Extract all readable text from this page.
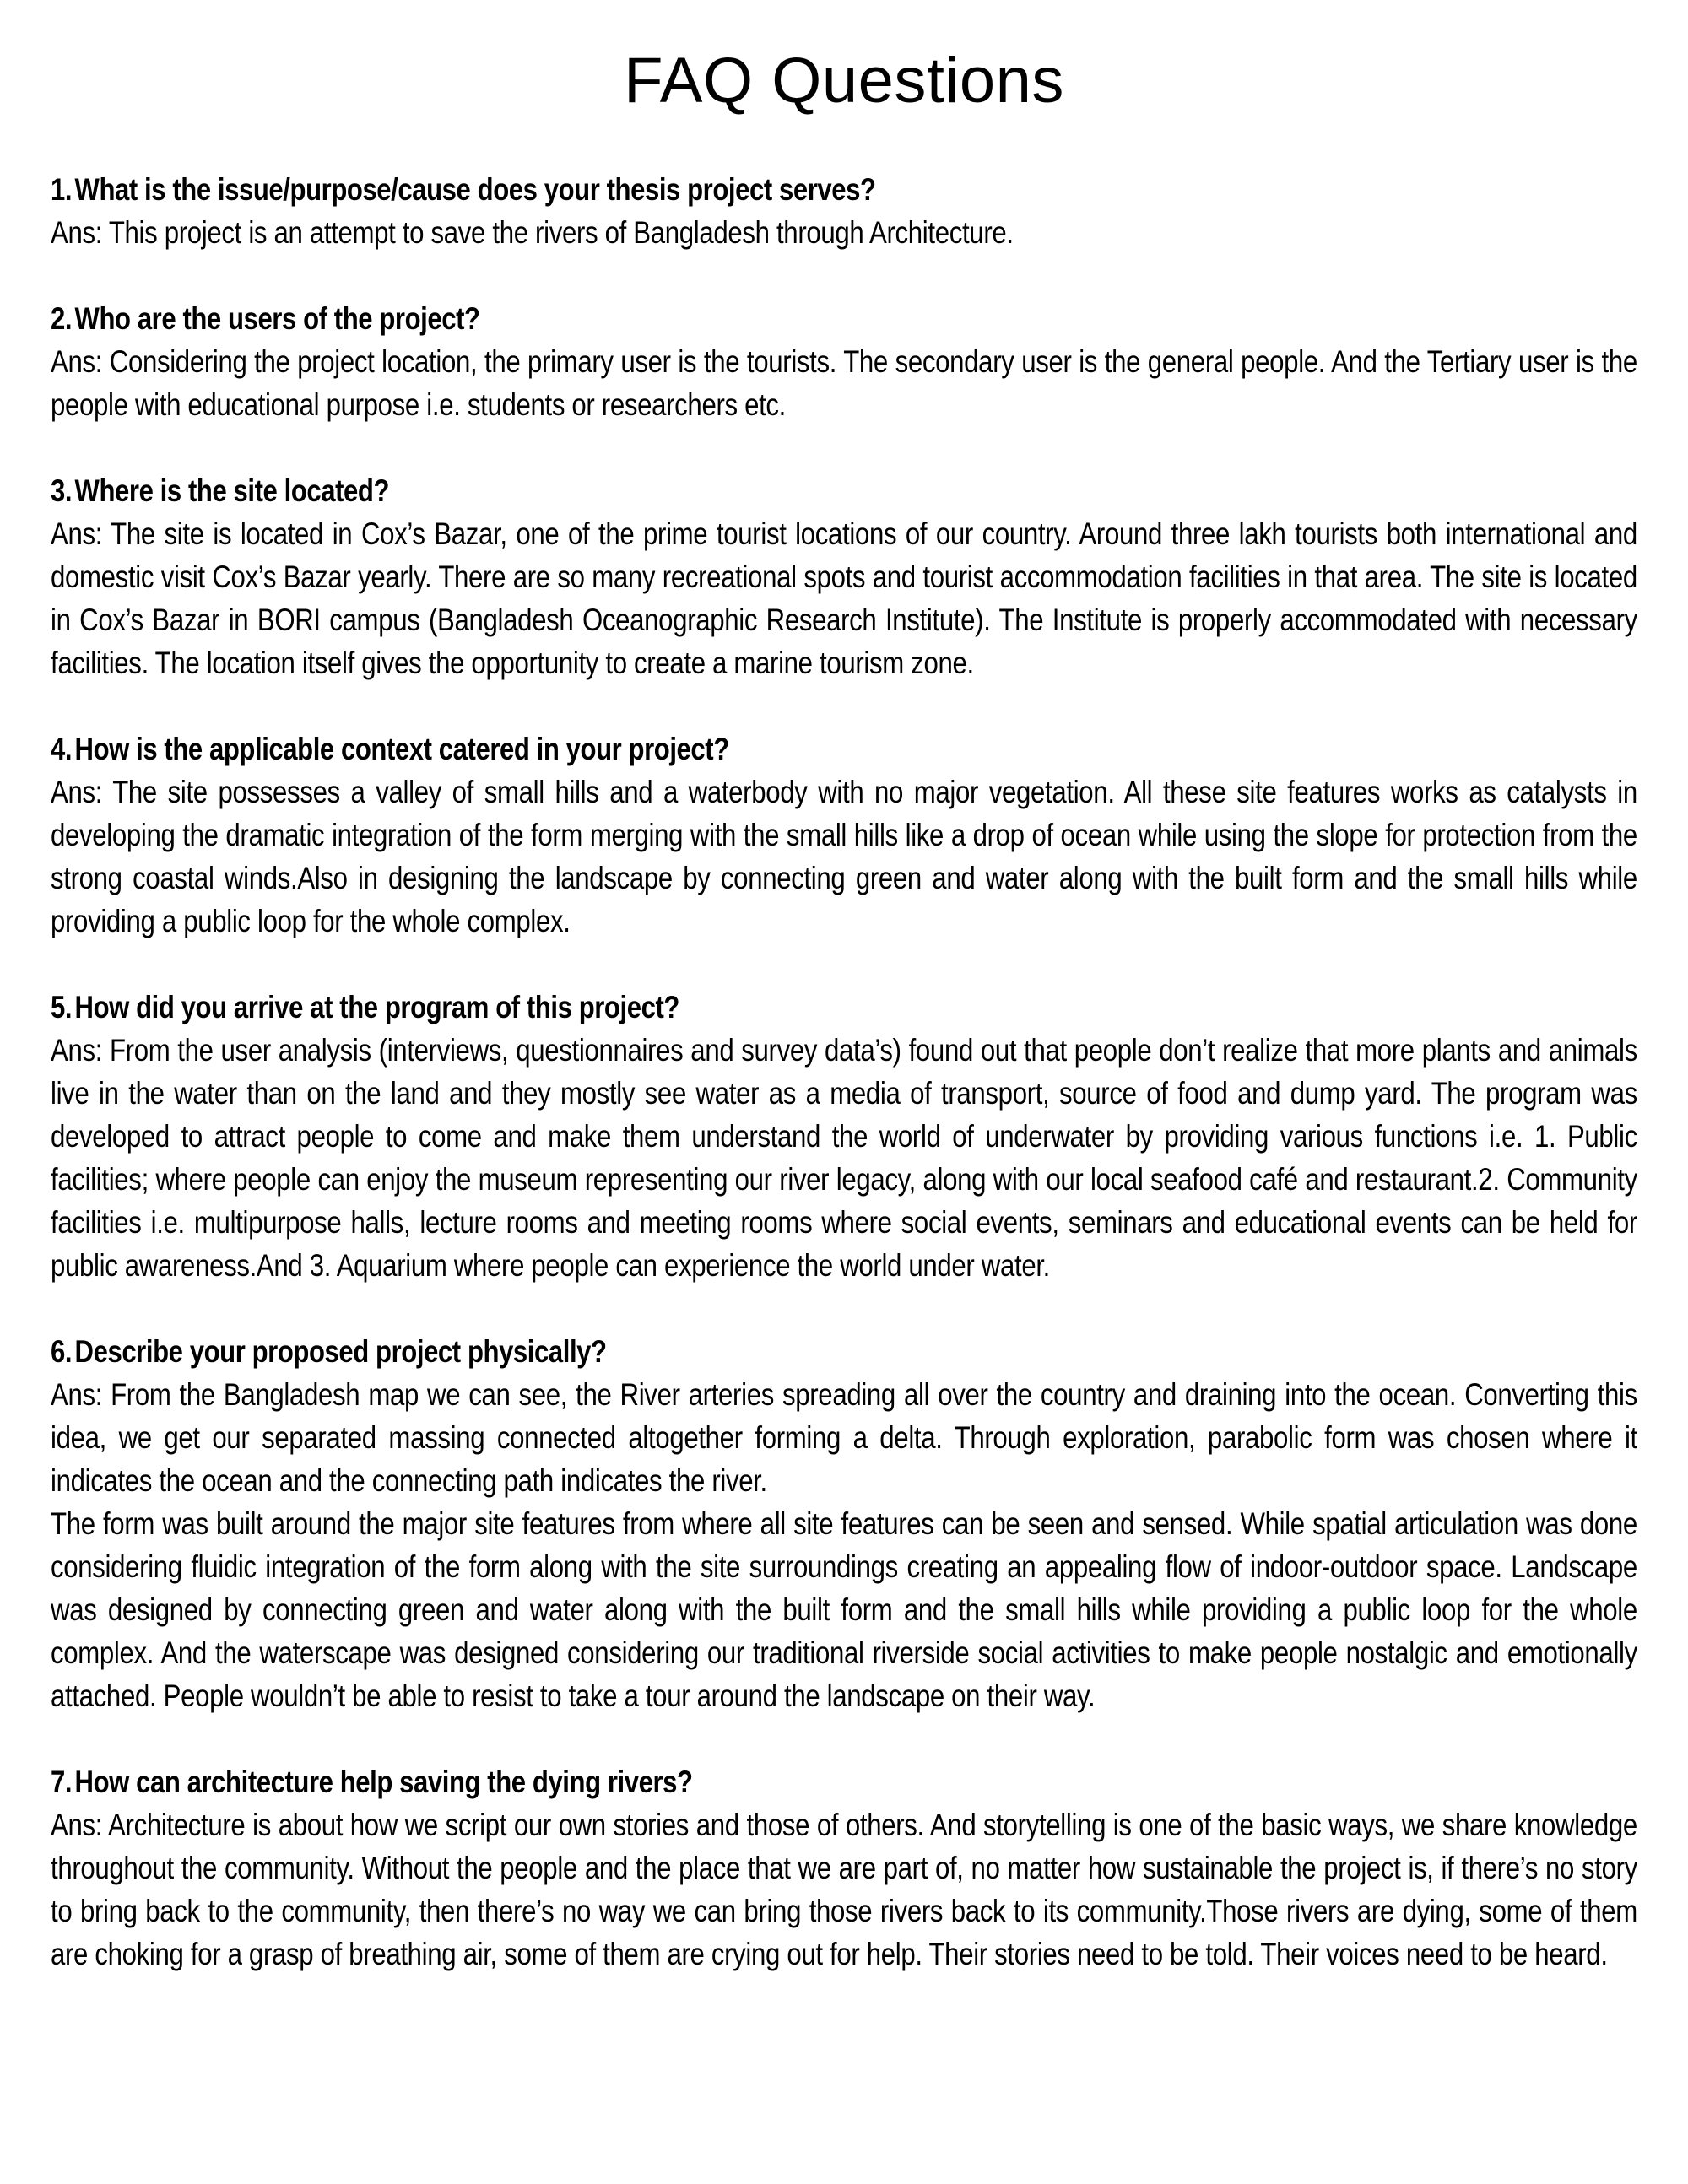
FAQ Questions
1.What is the issue/purpose/cause does your thesis project serves?

Ans: This project is an attempt to save the rivers of Bangladesh through Architecture.

2.Who are the users of the project?

Ans: Considering the project location, the primary user is the tourists. The secondary user is the general people. And the Tertiary user is the people with educational purpose i.e. students or researchers etc.

3.Where is the site located?

Ans: The site is located in Cox’s Bazar, one of the prime tourist locations of our country. Around three lakh tourists both international and domestic visit Cox’s Bazar yearly. There are so many recreational spots and tourist accommodation facilities in that area. The site is located in Cox’s Bazar in BORI campus (Bangladesh Oceanographic Research Institute). The Institute is properly accommodated with necessary facilities. The location itself gives the opportunity to create a marine tourism zone.

4.How is the applicable context catered in your project?

Ans: The site possesses a valley of small hills and a waterbody with no major vegetation. All these site features works as catalysts in developing the dramatic integration of the form merging with the small hills like a drop of ocean while using the slope for protection from the strong coastal winds.Also in designing the landscape by connecting green and water along with the built form and the small hills while providing a public loop for the whole complex.

5.How did you arrive at the program of this project?

Ans: From the user analysis (interviews, questionnaires and survey data’s) found out that people don’t realize that more plants and animals live in the water than on the land and they mostly see water as a media of transport, source of food and dump yard. The program was developed to attract people to come and make them understand the world of underwater by providing various functions i.e. 1. Public facilities; where people can enjoy the museum representing our river legacy, along with our local seafood café and restaurant.2. Community facilities i.e. multipurpose halls, lecture rooms and meeting rooms where social events, seminars and educational events can be held for public awareness.And 3. Aquarium where people can experience the world under water.

6.Describe your proposed project physically?

Ans: From the Bangladesh map we can see, the River arteries spreading all over the country and draining into the ocean. Converting this idea, we get our separated massing connected altogether forming a delta. Through exploration, parabolic form was chosen where it indicates the ocean and the connecting path indicates the river.

The form was built around the major site features from where all site features can be seen and sensed. While spatial articulation was done considering fluidic integration of the form along with the site surroundings creating an appealing flow of indoor-outdoor space. Landscape was designed by connecting green and water along with the built form and the small hills while providing a public loop for the whole complex. And the waterscape was designed considering our traditional riverside social activities to make people nostalgic and emotionally attached. People wouldn’t be able to resist to take a tour around the landscape on their way.

7.How can architecture help saving the dying rivers?

Ans: Architecture is about how we script our own stories and those of others. And storytelling is one of the basic ways, we share knowledge throughout the community. Without the people and the place that we are part of, no matter how sustainable the project is, if there’s no story to bring back to the community, then there’s no way we can bring those rivers back to its community.Those rivers are dying, some of them are choking for a grasp of breathing air, some of them are crying out for help. Their stories need to be told. Their voices need to be heard.
